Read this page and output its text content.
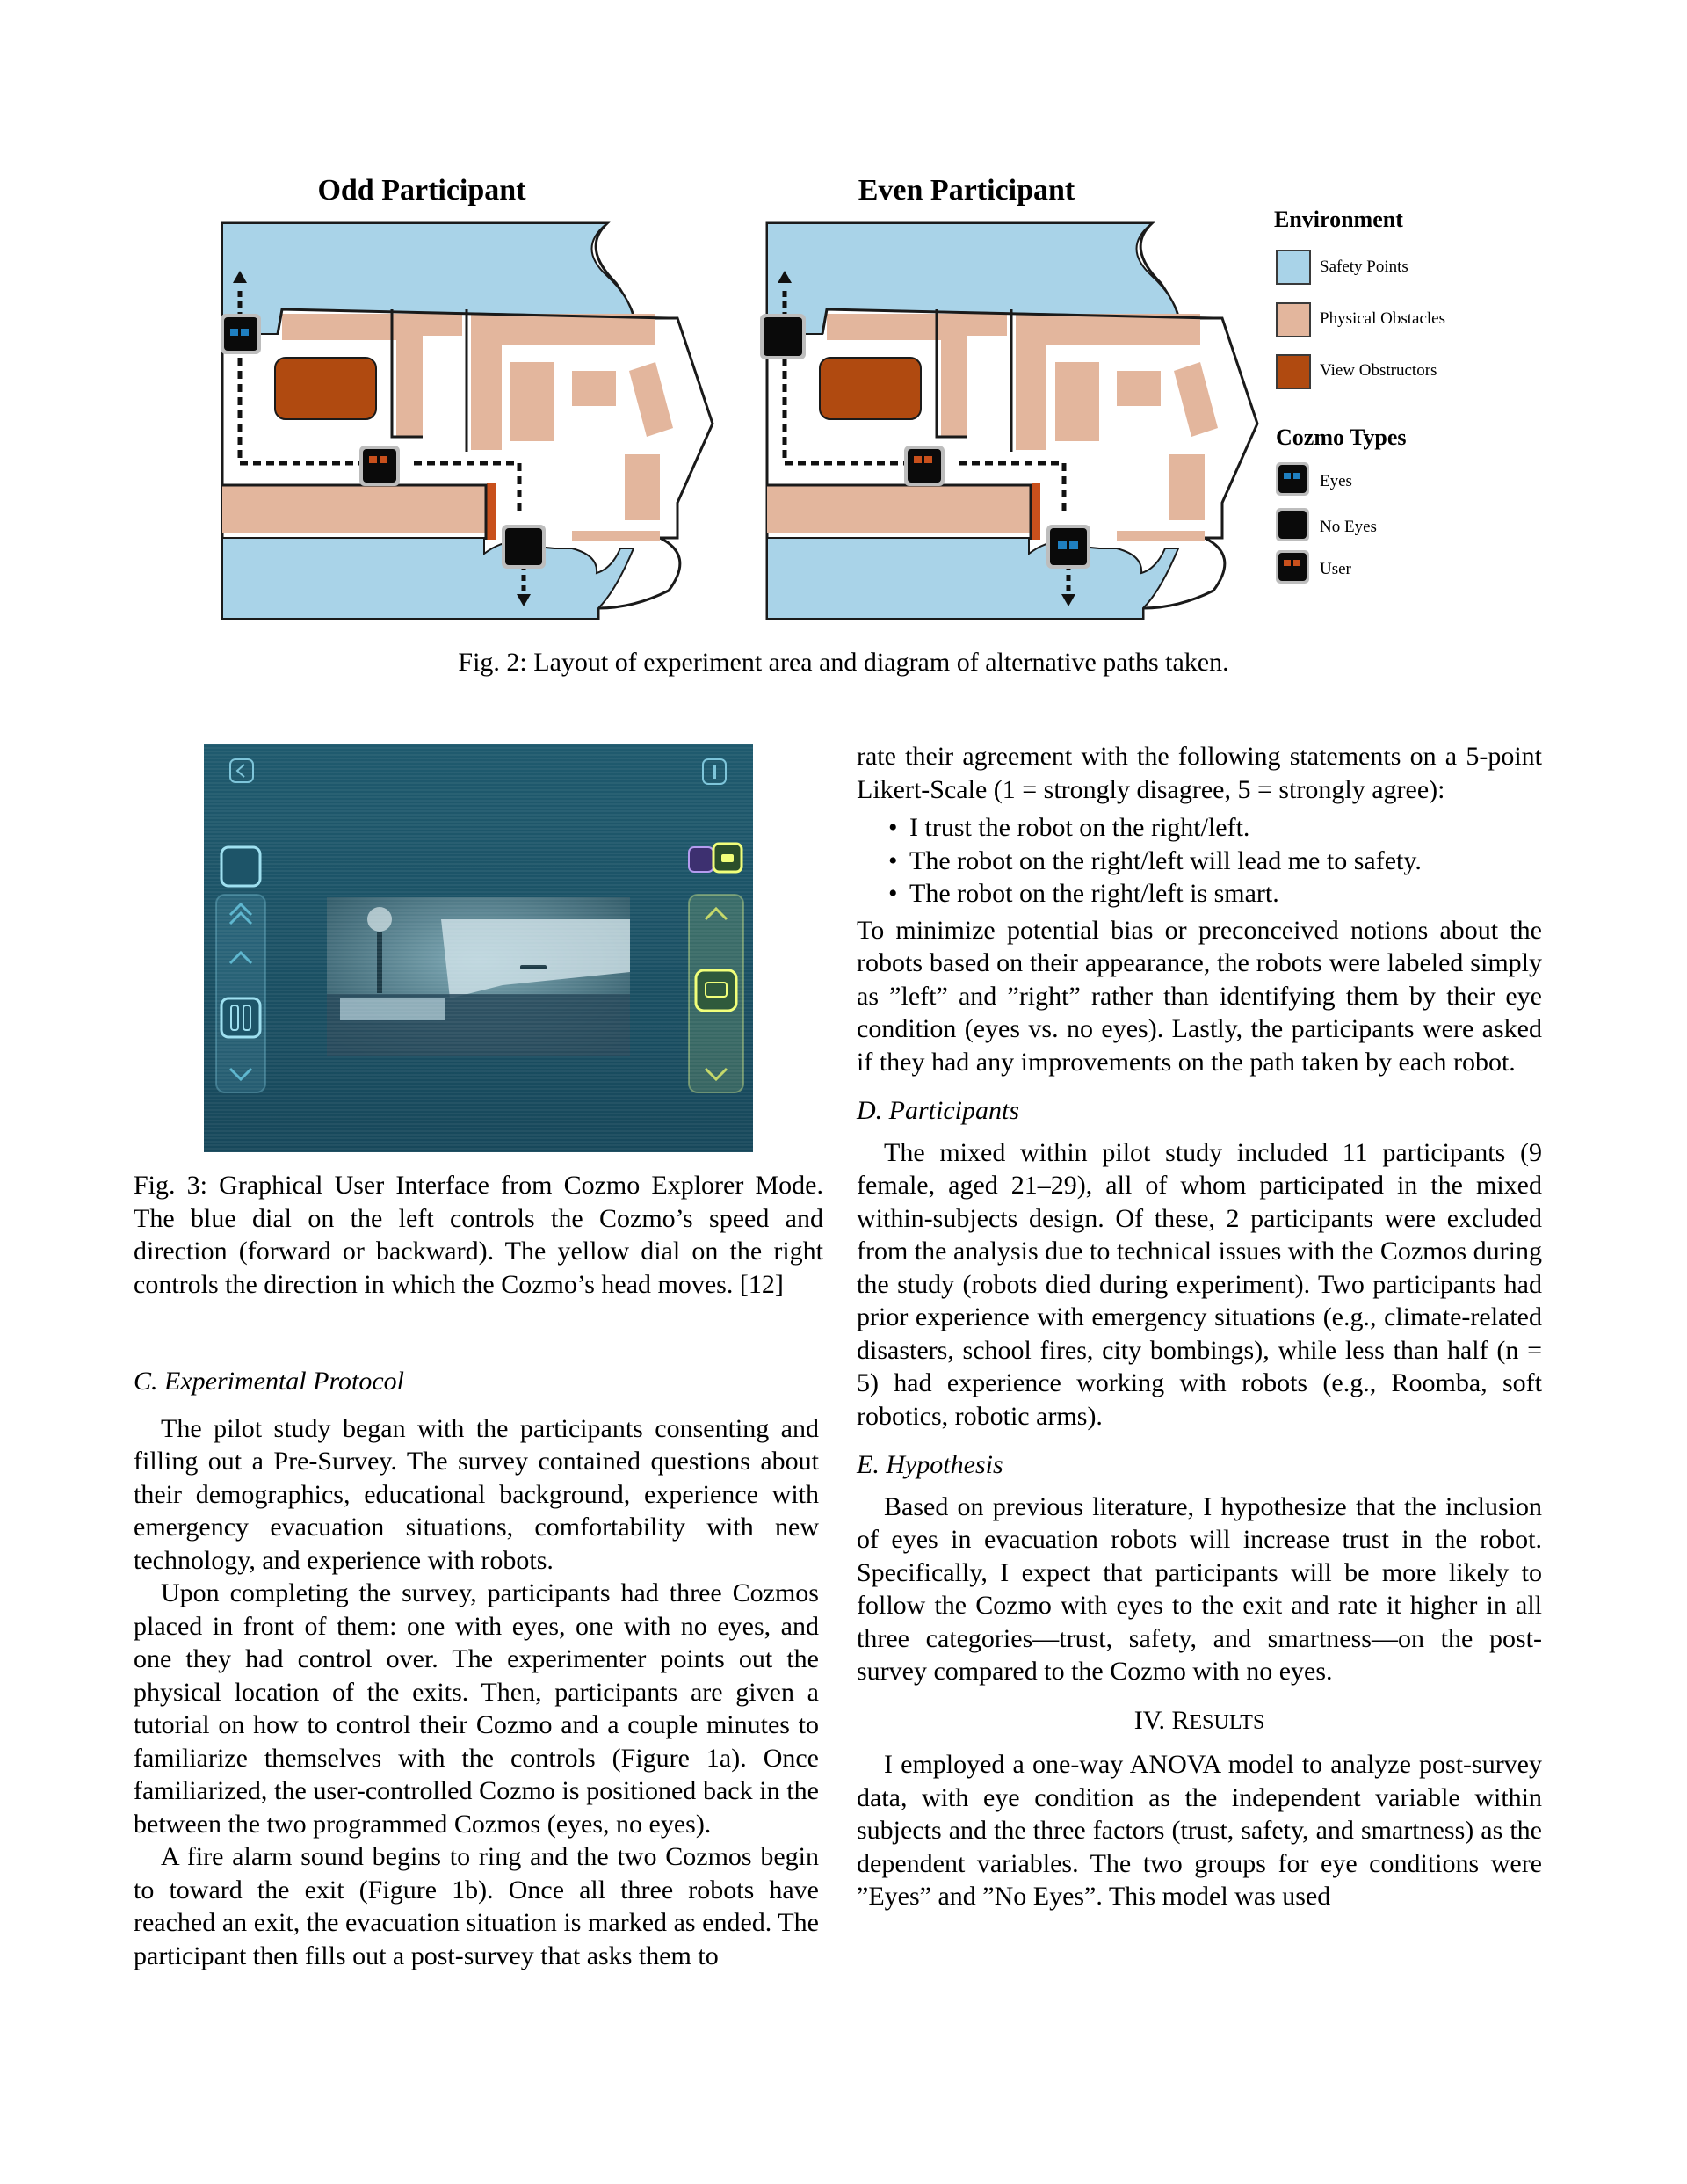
Odd Participant	Even Participant
Environment
Safety Points
Physical Obstacles
View Obstructors
Cozmo Types
Eyes
No Eyes
User
Fig. 2: Layout of experiment area and diagram of alternative paths taken.
Fig. 3: Graphical User Interface from Cozmo Explorer Mode. The blue dial on the left controls the Cozmo’s speed and direction (forward or backward). The yellow dial on the right controls the direction in which the Cozmo’s head moves. [12]

C. Experimental Protocol

The pilot study began with the participants consenting and filling out a Pre-Survey. The survey contained questions about their demographics, educational background, experience with emergency evacuation situations, comfortability with new technology, and experience with robots.

Upon completing the survey, participants had three Cozmos placed in front of them: one with eyes, one with no eyes, and one they had control over. The experimenter points out the physical location of the exits. Then, participants are given a tutorial on how to control their Cozmo and a couple minutes to familiarize themselves with the controls (Figure 1a). Once familiarized, the user-controlled Cozmo is positioned back in the between the two programmed Cozmos (eyes, no eyes).

A fire alarm sound begins to ring and the two Cozmos begin to toward the exit (Figure 1b). Once all three robots have reached an exit, the evacuation situation is marked as ended. The participant then fills out a post-survey that asks them to

rate their agreement with the following statements on a 5-point Likert-Scale (1 = strongly disagree, 5 = strongly agree):

• I trust the robot on the right/left.

• The robot on the right/left will lead me to safety.

• The robot on the right/left is smart.

To minimize potential bias or preconceived notions about the robots based on their appearance, the robots were labeled simply as ”left” and ”right” rather than identifying them by their eye condition (eyes vs. no eyes). Lastly, the participants were asked if they had any improvements on the path taken by each robot.

D. Participants

The mixed within pilot study included 11 participants (9 female, aged 21–29), all of whom participated in the mixed within-subjects design. Of these, 2 participants were excluded from the analysis due to technical issues with the Cozmos during the study (robots died during experiment). Two participants had prior experience with emergency situations (e.g., climate-related disasters, school fires, city bombings), while less than half (n = 5) had experience working with robots (e.g., Roomba, soft robotics, robotic arms).

E. Hypothesis

Based on previous literature, I hypothesize that the inclusion of eyes in evacuation robots will increase trust in the robot. Specifically, I expect that participants will be more likely to follow the Cozmo with eyes to the exit and rate it higher in all three categories—trust, safety, and smartness—on the post-survey compared to the Cozmo with no eyes.

IV. RESULTS

I employed a one-way ANOVA model to analyze post-survey data, with eye condition as the independent variable within subjects and the three factors (trust, safety, and smartness) as the dependent variables. The two groups for eye conditions were ”Eyes” and ”No Eyes”. This model was used
